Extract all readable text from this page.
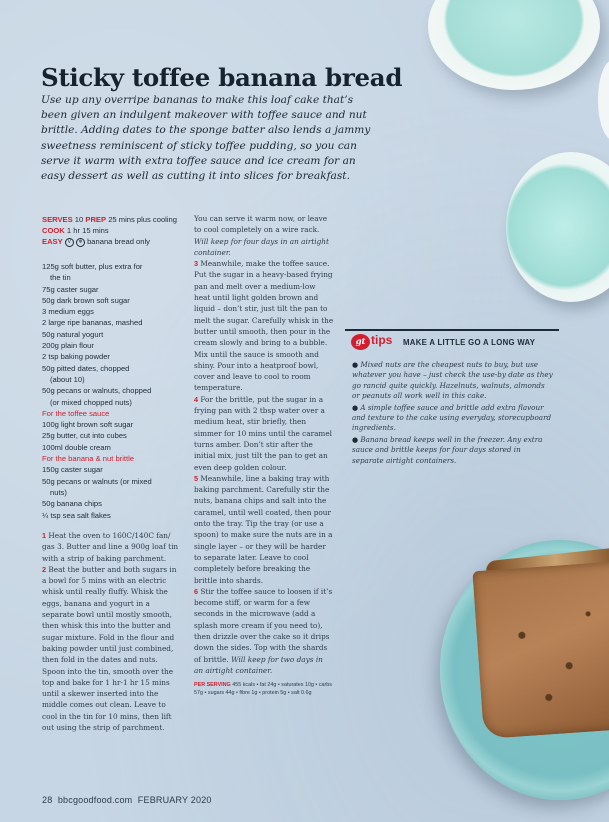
Sticky toffee banana bread

Use up any overripe bananas to make this loaf cake that’s been given an indulgent makeover with toffee sauce and nut brittle. Adding dates to the sponge batter also lends a jammy sweetness reminiscent of sticky toffee pudding, so you can serve it warm with extra toffee sauce and ice cream for an easy dessert as well as cutting it into slices for breakfast.

SERVES 10 PREP 25 mins plus cooling COOK 1 hr 15 mins
EASY V ❄ banana bread only
125g soft butter, plus extra for
the tin
75g caster sugar
50g dark brown soft sugar
3 medium eggs
2 large ripe bananas, mashed
50g natural yogurt
200g plain flour
2 tsp baking powder
50g pitted dates, chopped
(about 10)
50g pecans or walnuts, chopped
(or mixed chopped nuts)
For the toffee sauce
100g light brown soft sugar
25g butter, cut into cubes
100ml double cream
For the banana & nut brittle
150g caster sugar
50g pecans or walnuts (or mixed
nuts)
50g banana chips
¼ tsp sea salt flakes

1 Heat the oven to 160C/140C fan/ gas 3. Butter and line a 900g loaf tin with a strip of baking parchment.
2 Beat the butter and both sugars in a bowl for 5 mins with an electric whisk until really fluffy. Whisk the eggs, banana and yogurt in a separate bowl until mostly smooth, then whisk this into the butter and sugar mixture. Fold in the flour and baking powder until just combined, then fold in the dates and nuts. Spoon into the tin, smooth over the top and bake for 1 hr-1 hr 15 mins until a skewer inserted into the middle comes out clean. Leave to cool in the tin for 10 mins, then lift out using the strip of parchment.

You can serve it warm now, or leave to cool completely on a wire rack. Will keep for four days in an airtight container.
3 Meanwhile, make the toffee sauce. Put the sugar in a heavy-based frying pan and melt over a medium-low heat until light golden brown and liquid – don’t stir, just tilt the pan to melt the sugar. Carefully whisk in the butter until smooth, then pour in the cream slowly and bring to a bubble. Mix until the sauce is smooth and shiny. Pour into a heatproof bowl, cover and leave to cool to room temperature.
4 For the brittle, put the sugar in a frying pan with 2 tbsp water over a medium heat, stir briefly, then simmer for 10 mins until the caramel turns amber. Don’t stir after the initial mix, just tilt the pan to get an even deep golden colour.
5 Meanwhile, line a baking tray with baking parchment. Carefully stir the nuts, banana chips and salt into the caramel, until well coated, then pour onto the tray. Tip the tray (or use a spoon) to make sure the nuts are in a single layer – or they will be harder to separate later. Leave to cool completely before breaking the brittle into shards.
6 Stir the toffee sauce to loosen if it’s become stiff, or warm for a few seconds in the microwave (add a splash more cream if you need to), then drizzle over the cake so it drips down the sides. Top with the shards of brittle. Will keep for two days in an airtight container.

PER SERVING 455 kcals • fat 24g • saturates 10g • carbs 57g • sugars 44g • fibre 1g • protein 5g • salt 0.6g
gt tips MAKE A LITTLE GO A LONG WAY
● Mixed nuts are the cheapest nuts to buy, but use whatever you have – just check the use-by date as they go rancid quite quickly. Hazelnuts, walnuts, almonds or peanuts all work well in this cake.
● A simple toffee sauce and brittle add extra flavour and texture to the cake using everyday, storecupboard ingredients.
● Banana bread keeps well in the freezer. Any extra sauce and brittle keeps for four days stored in separate airtight containers.
28 bbcgoodfood.com FEBRUARY 2020
